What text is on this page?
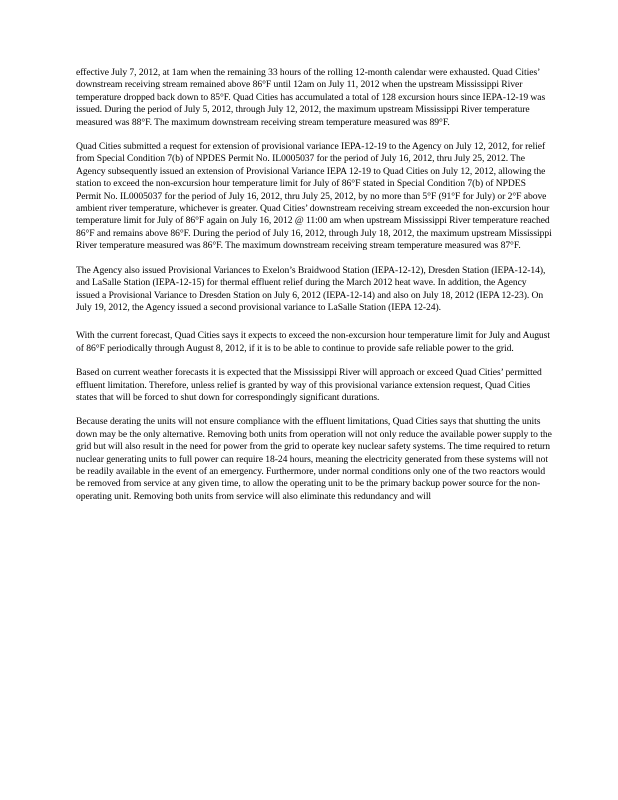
effective July 7, 2012, at 1am when the remaining 33 hours of the rolling 12-month calendar were exhausted. Quad Cities’ downstream receiving stream remained above 86°F until 12am on July 11, 2012 when the upstream Mississippi River temperature dropped back down to 85°F. Quad Cities has accumulated a total of 128 excursion hours since IEPA-12-19 was issued. During the period of July 5, 2012, through July 12, 2012, the maximum upstream Mississippi River temperature measured was 88°F. The maximum downstream receiving stream temperature measured was 89°F.

Quad Cities submitted a request for extension of provisional variance IEPA-12-19 to the Agency on July 12, 2012, for relief from Special Condition 7(b) of NPDES Permit No. IL0005037 for the period of July 16, 2012, thru July 25, 2012. The Agency subsequently issued an extension of Provisional Variance IEPA 12-19 to Quad Cities on July 12, 2012, allowing the station to exceed the non-excursion hour temperature limit for July of 86°F stated in Special Condition 7(b) of NPDES Permit No. IL0005037 for the period of July 16, 2012, thru July 25, 2012, by no more than 5°F (91°F for July) or 2°F above ambient river temperature, whichever is greater. Quad Cities’ downstream receiving stream exceeded the non-excursion hour temperature limit for July of 86°F again on July 16, 2012 @ 11:00 am when upstream Mississippi River temperature reached 86°F and remains above 86°F. During the period of July 16, 2012, through July 18, 2012, the maximum upstream Mississippi River temperature measured was 86°F. The maximum downstream receiving stream temperature measured was 87°F.

The Agency also issued Provisional Variances to Exelon’s Braidwood Station (IEPA-12-12), Dresden Station (IEPA-12-14), and LaSalle Station (IEPA-12-15) for thermal effluent relief during the March 2012 heat wave. In addition, the Agency issued a Provisional Variance to Dresden Station on July 6, 2012 (IEPA-12-14) and also on July 18, 2012 (IEPA 12-23). On July 19, 2012, the Agency issued a second provisional variance to LaSalle Station (IEPA 12-24).

With the current forecast, Quad Cities says it expects to exceed the non-excursion hour temperature limit for July and August of 86°F periodically through August 8, 2012, if it is to be able to continue to provide safe reliable power to the grid.

Based on current weather forecasts it is expected that the Mississippi River will approach or exceed Quad Cities’ permitted effluent limitation. Therefore, unless relief is granted by way of this provisional variance extension request, Quad Cities states that will be forced to shut down for correspondingly significant durations.

Because derating the units will not ensure compliance with the effluent limitations, Quad Cities says that shutting the units down may be the only alternative. Removing both units from operation will not only reduce the available power supply to the grid but will also result in the need for power from the grid to operate key nuclear safety systems. The time required to return nuclear generating units to full power can require 18-24 hours, meaning the electricity generated from these systems will not be readily available in the event of an emergency. Furthermore, under normal conditions only one of the two reactors would be removed from service at any given time, to allow the operating unit to be the primary backup power source for the non-operating unit. Removing both units from service will also eliminate this redundancy and will
